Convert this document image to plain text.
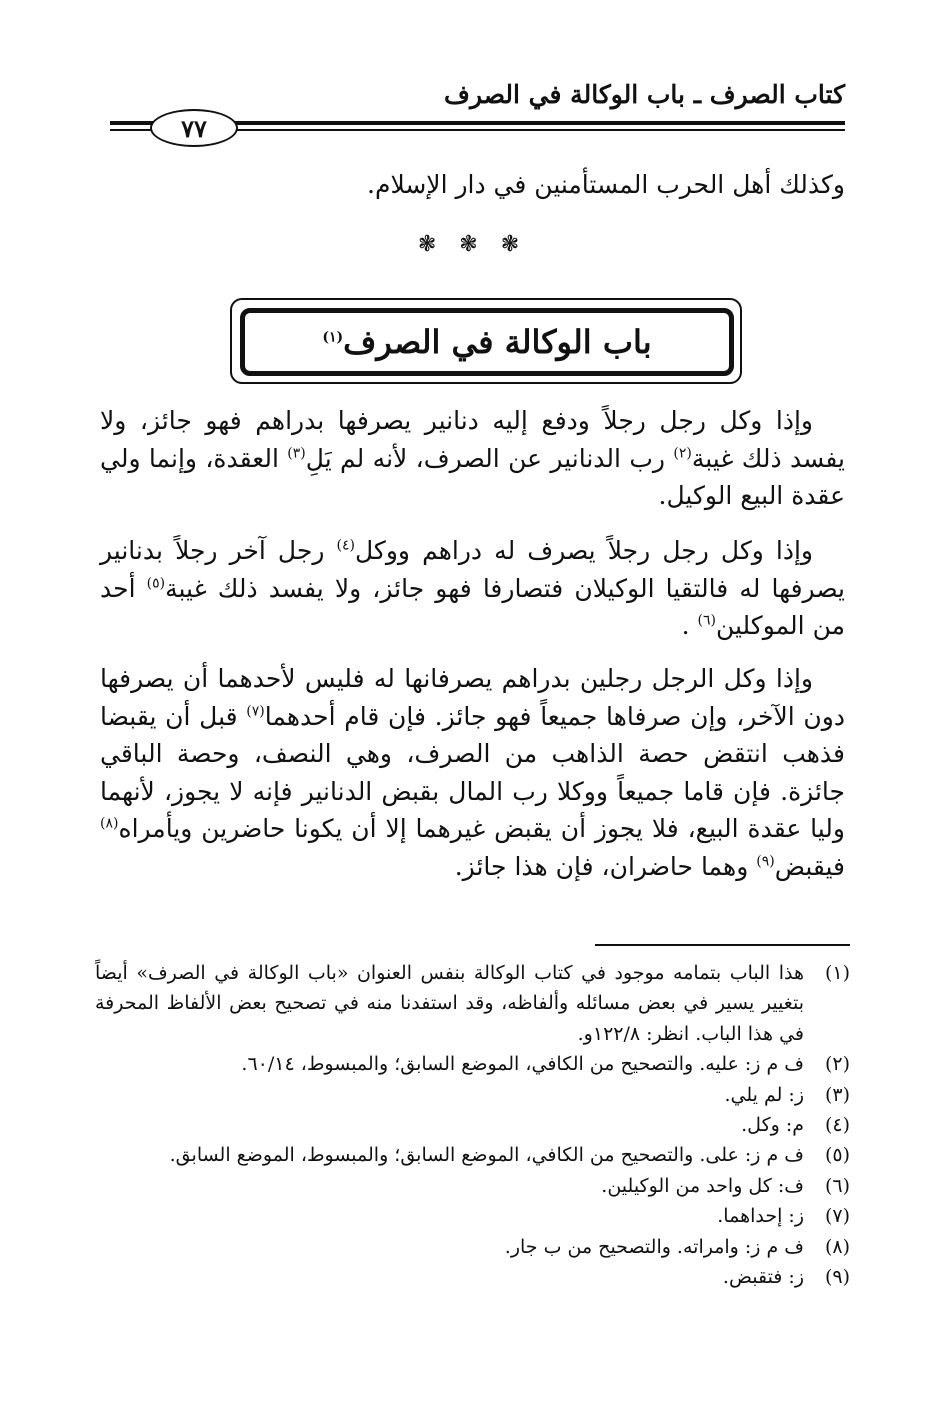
كتاب الصرف ـ باب الوكالة في الصرف
٧٧
وكذلك أهل الحرب المستأمنين في دار الإسلام.
❃ ❃ ❃
باب الوكالة في الصرف$^{(١)}$
وإذا وكل رجل رجلاً ودفع إليه دنانير يصرفها بدراهم فهو جائز، ولا يفسد ذلك غيبة$^{(٢)}$ رب الدنانير عن الصرف، لأنه لم يَلِ$^{(٣)}$ العقدة، وإنما ولي عقدة البيع الوكيل.
وإذا وكل رجل رجلاً يصرف له دراهم ووكل$^{(٤)}$ رجل آخر رجلاً بدنانير يصرفها له فالتقيا الوكيلان فتصارفا فهو جائز، ولا يفسد ذلك غيبة$^{(٥)}$ أحد من الموكلين$^{(٦)}$ .
وإذا وكل الرجل رجلين بدراهم يصرفانها له فليس لأحدهما أن يصرفها دون الآخر، وإن صرفاها جميعاً فهو جائز. فإن قام أحدهما$^{(٧)}$ قبل أن يقبضا فذهب انتقض حصة الذاهب من الصرف، وهي النصف، وحصة الباقي جائزة. فإن قاما جميعاً ووكلا رب المال بقبض الدنانير فإنه لا يجوز، لأنهما وليا عقدة البيع، فلا يجوز أن يقبض غيرهما إلا أن يكونا حاضرين ويأمراه$^{(٨)}$ فيقبض$^{(٩)}$ وهما حاضران، فإن هذا جائز.
(١)
هذا الباب بتمامه موجود في كتاب الوكالة بنفس العنوان «باب الوكالة في الصرف» أيضاً بتغيير يسير في بعض مسائله وألفاظه، وقد استفدنا منه في تصحيح بعض الألفاظ المحرفة في هذا الباب. انظر: ١٢٢/٨و.
(٢)
ف م ز: عليه. والتصحيح من الكافي، الموضع السابق؛ والمبسوط، ٦٠/١٤.
(٣)
ز: لم يلي.
(٤)
م: وكل.
(٥)
ف م ز: على. والتصحيح من الكافي، الموضع السابق؛ والمبسوط، الموضع السابق.
(٦)
ف: كل واحد من الوكيلين.
(٧)
ز: إحداهما.
(٨)
ف م ز: وامراته. والتصحيح من ب جار.
(٩)
ز: فتقبض.
